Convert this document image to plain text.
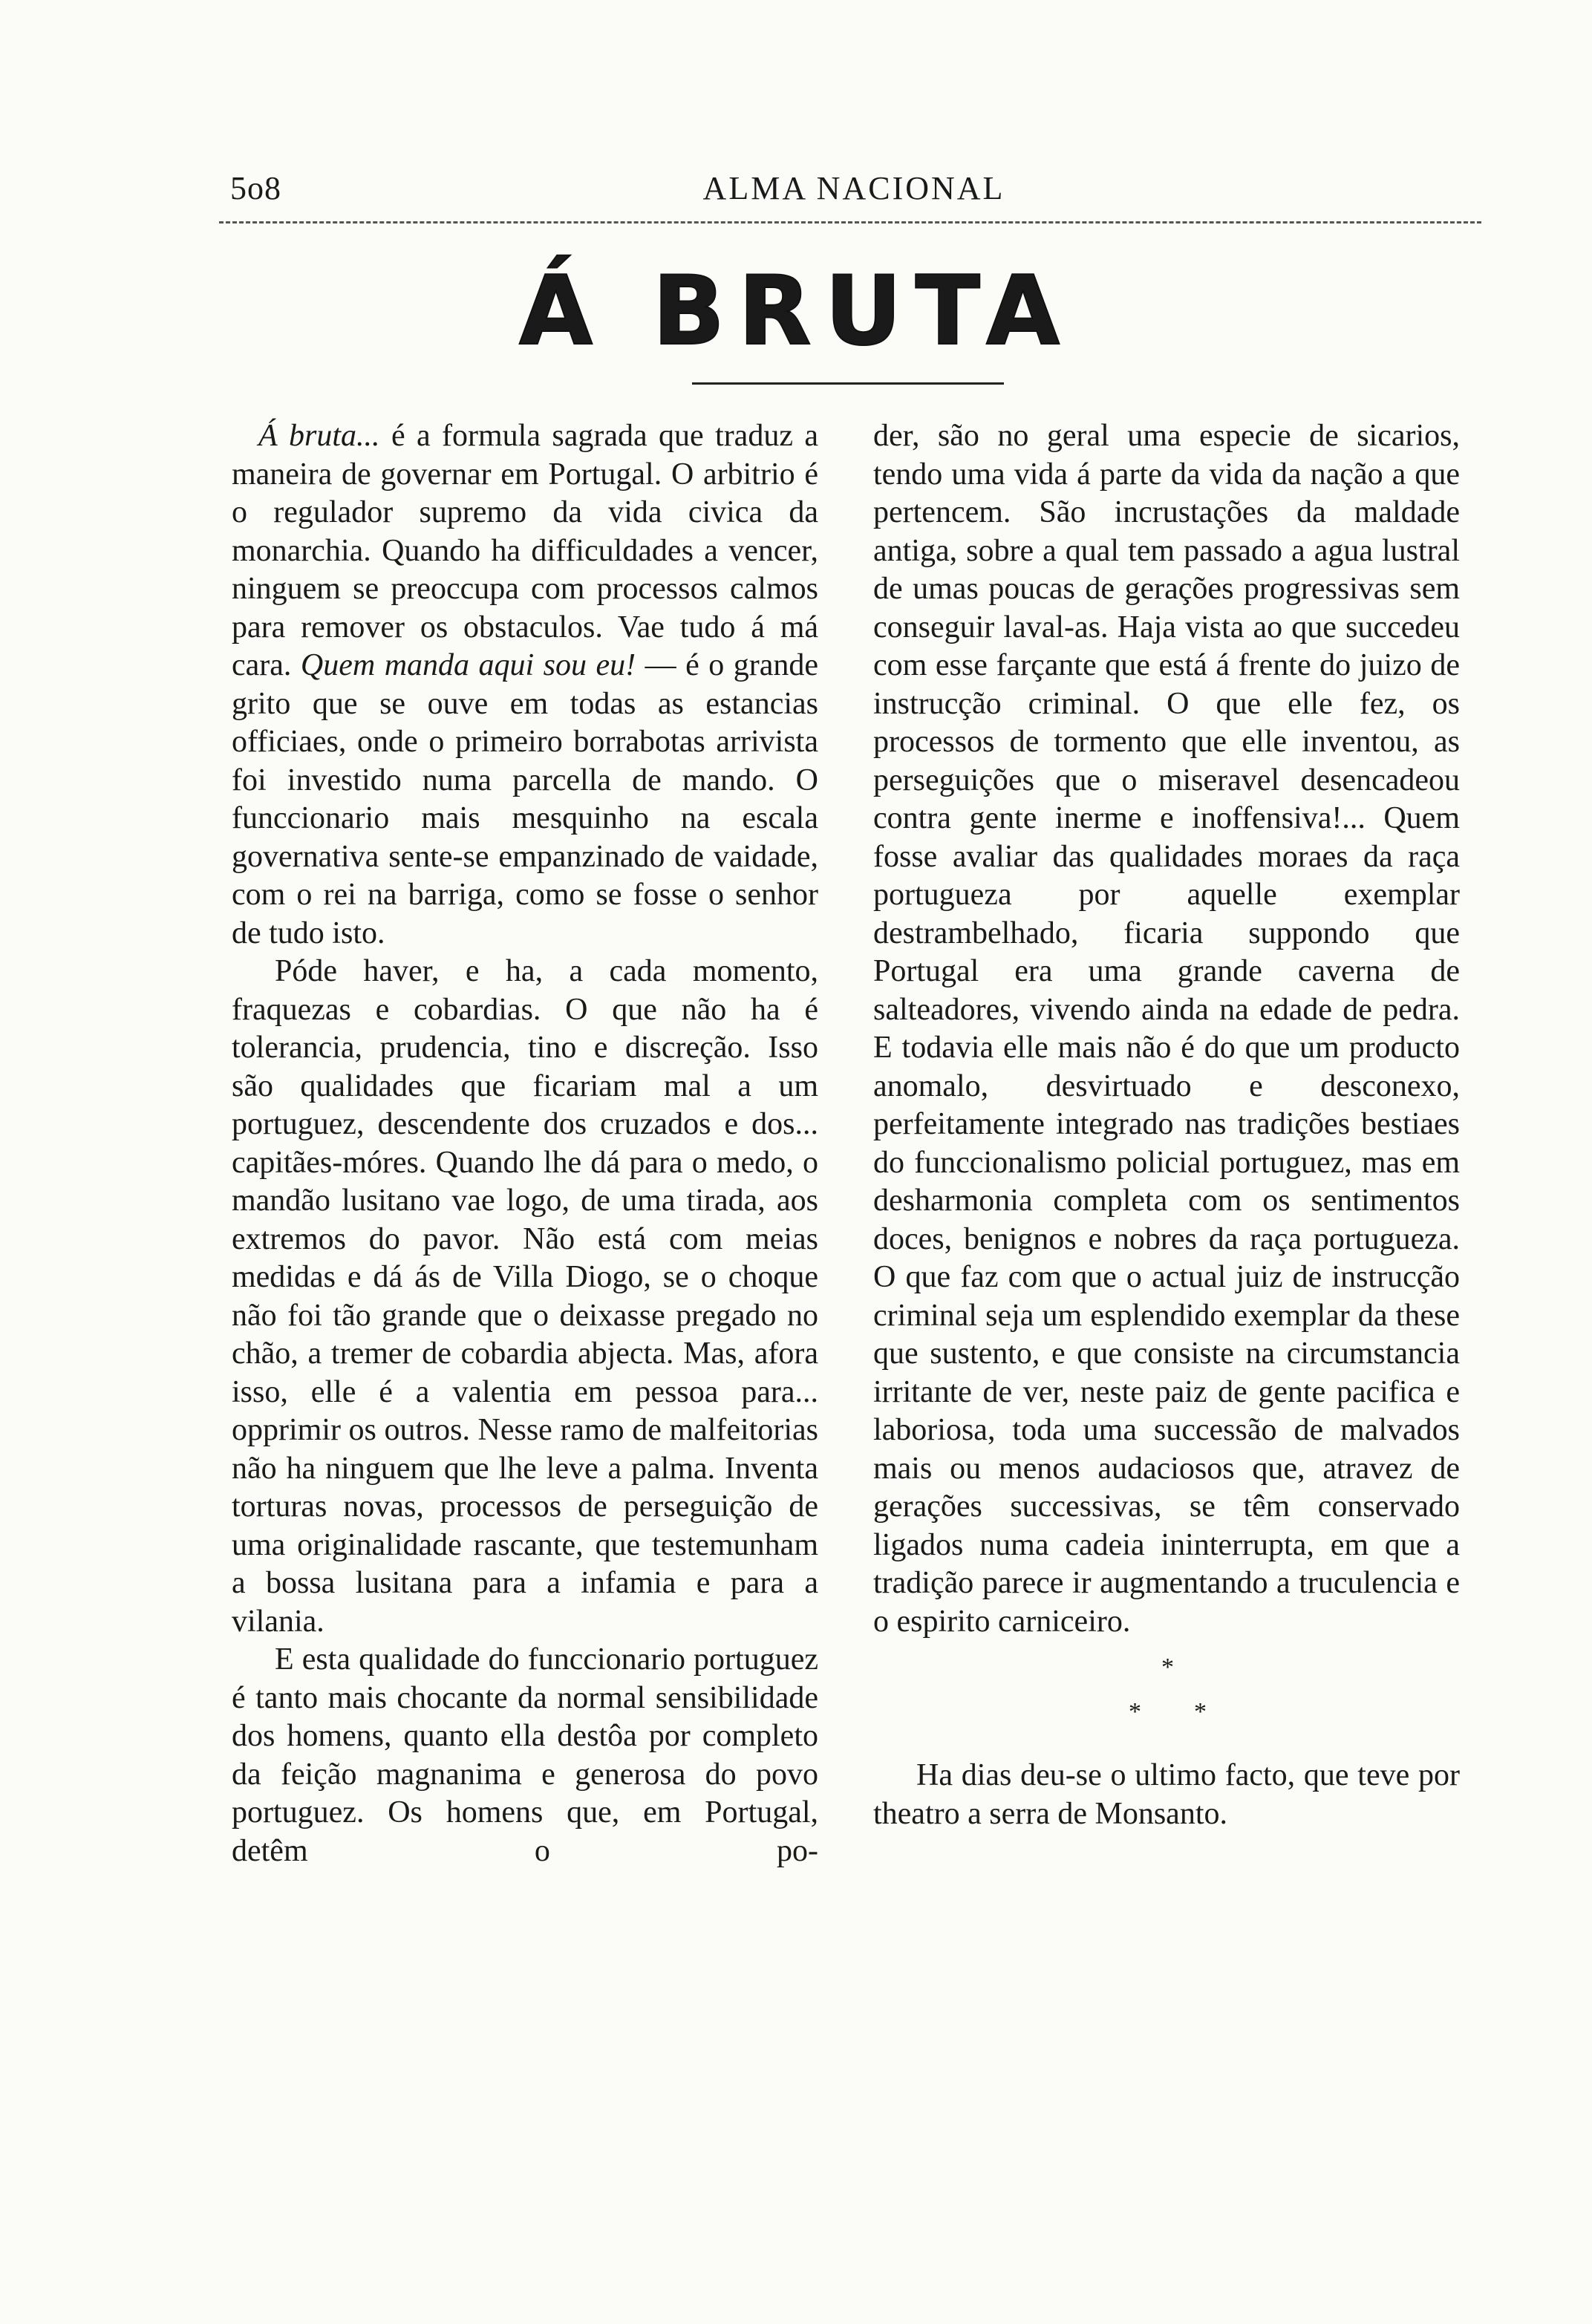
5o8	ALMA NACIONAL
Á BRUTA

Á bruta... é a formula sagrada que traduz a maneira de governar em Portugal. O arbitrio é o regulador supremo da vida civica da monarchia. Quando ha difficuldades a vencer, ninguem se preoccupa com processos calmos para remover os obstaculos. Vae tudo á má cara. Quem manda aqui sou eu! — é o grande grito que se ouve em todas as estancias officiaes, onde o primeiro borrabotas arrivista foi investido numa parcella de mando. O funccionario mais mesquinho na escala governativa sente-se empanzinado de vaidade, com o rei na barriga, como se fosse o senhor de tudo isto.

Póde haver, e ha, a cada momento, fraquezas e cobardias. O que não ha é tolerancia, prudencia, tino e discreção. Isso são qualidades que ficariam mal a um portuguez, descendente dos cruzados e dos... capitães-móres. Quando lhe dá para o medo, o mandão lusitano vae logo, de uma tirada, aos extremos do pavor. Não está com meias medidas e dá ás de Villa Diogo, se o choque não foi tão grande que o deixasse pregado no chão, a tremer de cobardia abjecta. Mas, afora isso, elle é a valentia em pessoa para... opprimir os outros. Nesse ramo de malfeitorias não ha ninguem que lhe leve a palma. Inventa torturas novas, processos de perseguição de uma originalidade rascante, que testemunham a bossa lusitana para a infamia e para a vilania.

E esta qualidade do funccionario portuguez é tanto mais chocante da normal sensibilidade dos homens, quanto ella destôa por completo da feição magnanima e generosa do povo portuguez. Os homens que, em Portugal, detêm o po-

der, são no geral uma especie de sicarios, tendo uma vida á parte da vida da nação a que pertencem. São incrustações da maldade antiga, sobre a qual tem passado a agua lustral de umas poucas de gerações progressivas sem conseguir laval-as. Haja vista ao que succedeu com esse farçante que está á frente do juizo de instrucção criminal. O que elle fez, os processos de tormento que elle inventou, as perseguições que o miseravel desencadeou contra gente inerme e inoffensiva!... Quem fosse avaliar das qualidades moraes da raça portugueza por aquelle exemplar destrambelhado, ficaria suppondo que Portugal era uma grande caverna de salteadores, vivendo ainda na edade de pedra. E todavia elle mais não é do que um producto anomalo, desvirtuado e desconexo, perfeitamente integrado nas tradições bestiaes do funccionalismo policial portuguez, mas em desharmonia completa com os sentimentos doces, benignos e nobres da raça portugueza. O que faz com que o actual juiz de instrucção criminal seja um esplendido exemplar da these que sustento, e que consiste na circumstancia irritante de ver, neste paiz de gente pacifica e laboriosa, toda uma successão de malvados mais ou menos audaciosos que, atravez de gerações successivas, se têm conservado ligados numa cadeia ininterrupta, em que a tradição parece ir augmentando a truculencia e o espirito carniceiro.

*
* *

Ha dias deu-se o ultimo facto, que teve por theatro a serra de Monsanto.
